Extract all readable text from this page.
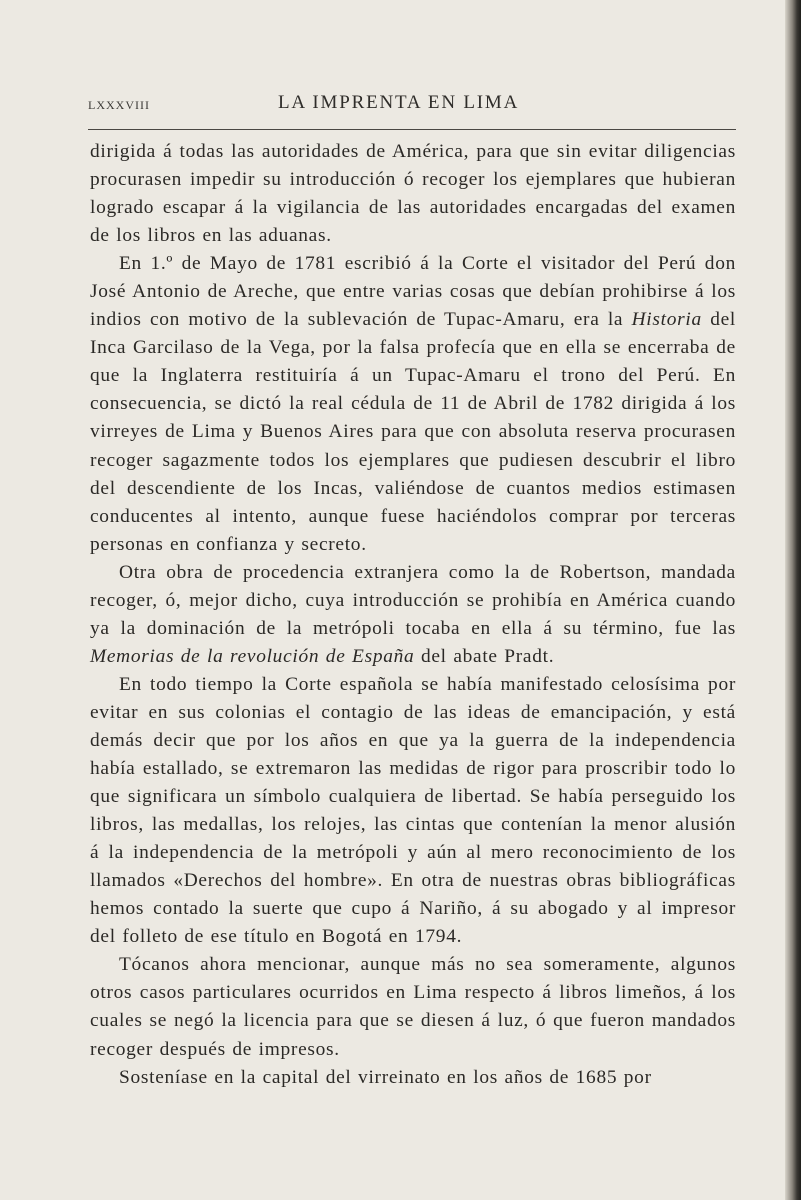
LXXXVIII	LA IMPRENTA EN LIMA

dirigida á todas las autoridades de América, para que sin evitar diligencias procurasen impedir su introducción ó recoger los ejemplares que hubieran logrado escapar á la vigilancia de las autoridades encargadas del examen de los libros en las aduanas.

En 1.º de Mayo de 1781 escribió á la Corte el visitador del Perú don José Antonio de Areche, que entre varias cosas que debían prohibirse á los indios con motivo de la sublevación de Tupac-Amaru, era la Historia del Inca Garcilaso de la Vega, por la falsa profecía que en ella se encerraba de que la Inglaterra restituiría á un Tupac-Amaru el trono del Perú. En consecuencia, se dictó la real cédula de 11 de Abril de 1782 dirigida á los virreyes de Lima y Buenos Aires para que con absoluta reserva procurasen recoger sagazmente todos los ejemplares que pudiesen descubrir el libro del descendiente de los Incas, valiéndose de cuantos medios estimasen conducentes al intento, aunque fuese haciéndolos comprar por terceras personas en confianza y secreto.

Otra obra de procedencia extranjera como la de Robertson, mandada recoger, ó, mejor dicho, cuya introducción se prohibía en América cuando ya la dominación de la metrópoli tocaba en ella á su término, fue las Memorias de la revolución de España del abate Pradt.

En todo tiempo la Corte española se había manifestado celosísima por evitar en sus colonias el contagio de las ideas de emancipación, y está demás decir que por los años en que ya la guerra de la independencia había estallado, se extremaron las medidas de rigor para proscribir todo lo que significara un símbolo cualquiera de libertad. Se había perseguido los libros, las medallas, los relojes, las cintas que contenían la menor alusión á la independencia de la metrópoli y aún al mero reconocimiento de los llamados «Derechos del hombre». En otra de nuestras obras bibliográficas hemos contado la suerte que cupo á Nariño, á su abogado y al impresor del folleto de ese título en Bogotá en 1794.

Tócanos ahora mencionar, aunque más no sea someramente, algunos otros casos particulares ocurridos en Lima respecto á libros limeños, á los cuales se negó la licencia para que se diesen á luz, ó que fueron mandados recoger después de impresos.

Sosteníase en la capital del virreinato en los años de 1685 por
